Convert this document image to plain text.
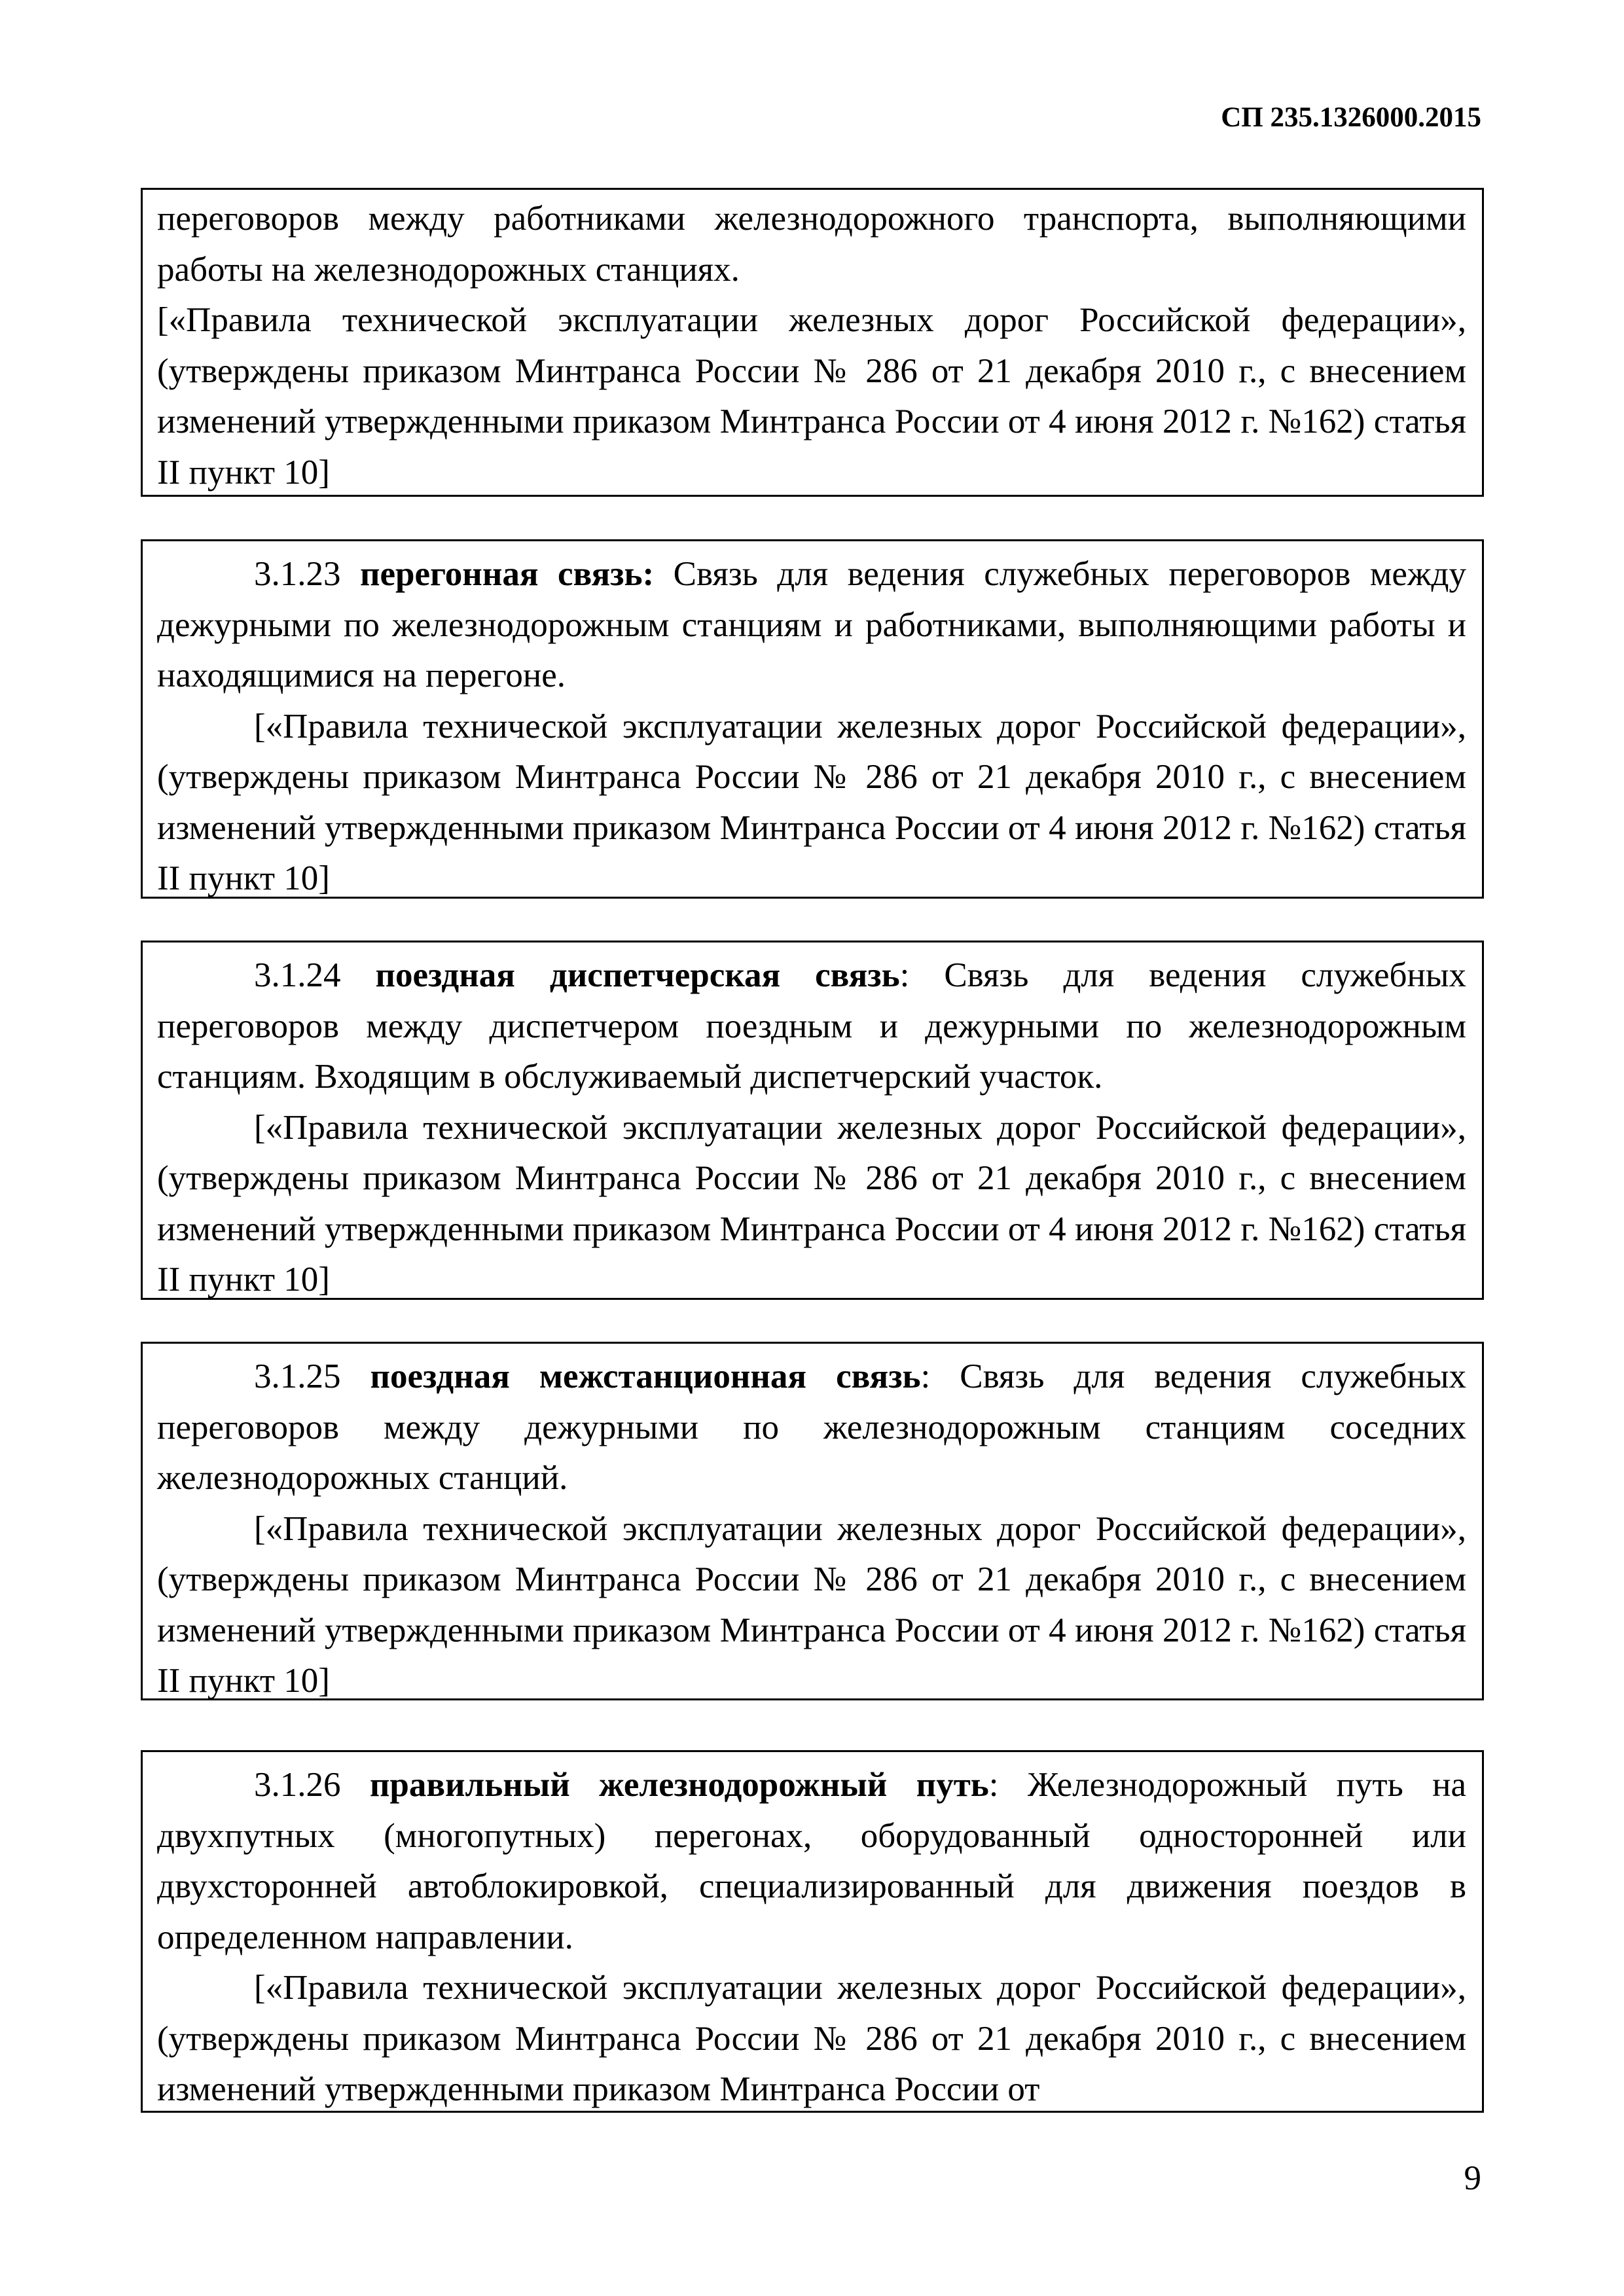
СП 235.1326000.2015

переговоров между работниками железнодорожного транспорта, выполняющими работы на железнодорожных станциях.

[«Правила технической эксплуатации железных дорог Российской федерации», (утверждены приказом Минтранса России № 286 от 21 декабря 2010 г., с внесением изменений утвержденными приказом Минтранса России от 4 июня 2012 г. №162) статья II пункт 10]

3.1.23 перегонная связь: Связь для ведения служебных переговоров между дежурными по железнодорожным станциям и работниками, выполняющими работы и находящимися на перегоне.

[«Правила технической эксплуатации железных дорог Российской федерации», (утверждены приказом Минтранса России № 286 от 21 декабря 2010 г., с внесением изменений утвержденными приказом Минтранса России от 4 июня 2012 г. №162) статья II пункт 10]

3.1.24 поездная диспетчерская связь: Связь для ведения служебных переговоров между диспетчером поездным и дежурными по железнодорожным станциям. Входящим в обслуживаемый диспетчерский участок.

[«Правила технической эксплуатации железных дорог Российской федерации», (утверждены приказом Минтранса России № 286 от 21 декабря 2010 г., с внесением изменений утвержденными приказом Минтранса России от 4 июня 2012 г. №162) статья II пункт 10]

3.1.25 поездная межстанционная связь: Связь для ведения служебных переговоров между дежурными по железнодорожным станциям соседних железнодорожных станций.

[«Правила технической эксплуатации железных дорог Российской федерации», (утверждены приказом Минтранса России № 286 от 21 декабря 2010 г., с внесением изменений утвержденными приказом Минтранса России от 4 июня 2012 г. №162) статья II пункт 10]

3.1.26 правильный железнодорожный путь: Железнодорожный путь на двухпутных (многопутных) перегонах, оборудованный односторонней или двухсторонней автоблокировкой, специализированный для движения поездов в определенном направлении.

[«Правила технической эксплуатации железных дорог Российской федерации», (утверждены приказом Минтранса России № 286 от 21 декабря 2010 г., с внесением изменений утвержденными приказом Минтранса России от

9
